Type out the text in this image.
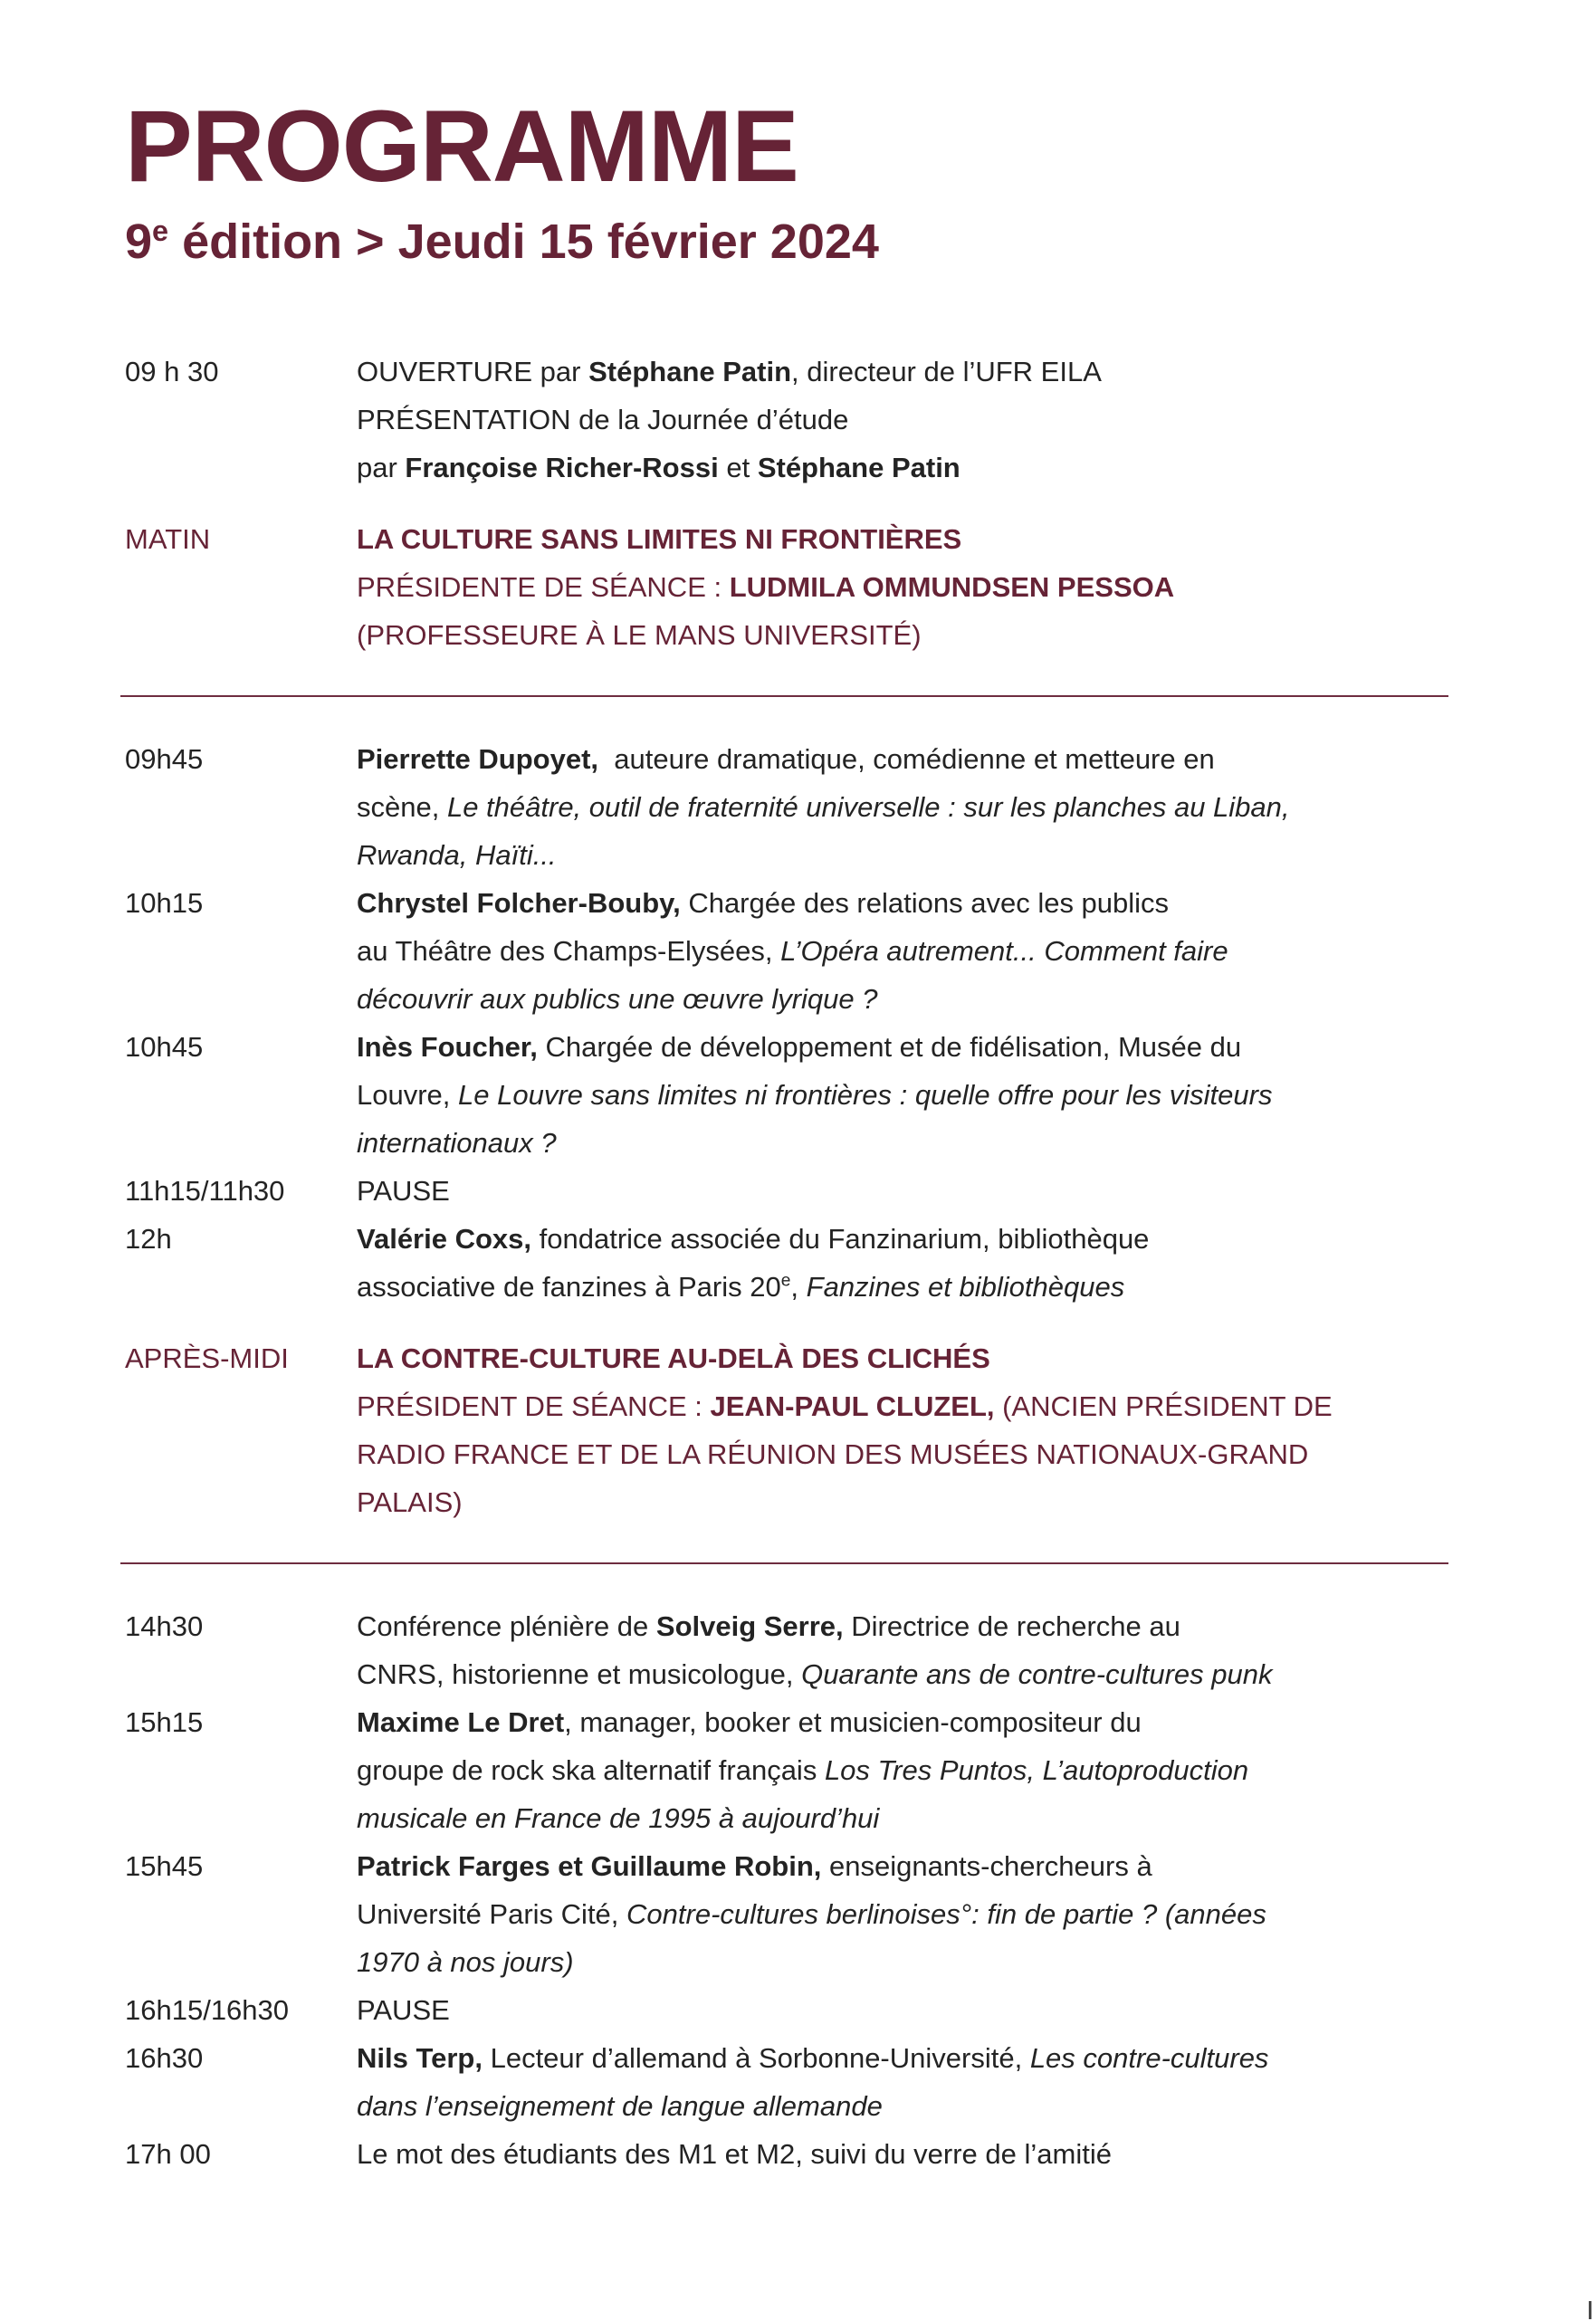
PROGRAMME
9e édition > Jeudi 15 février 2024
09 h 30	OUVERTURE par Stéphane Patin, directeur de l’UFR EILA
PRÉSENTATION de la Journée d’étude
par Françoise Richer-Rossi et Stéphane Patin
MATIN	LA CULTURE SANS LIMITES NI FRONTIÈRES
PRÉSIDENTE DE SÉANCE : LUDMILA OMMUNDSEN PESSOA
(PROFESSEURE À LE MANS UNIVERSITÉ)
09h45	Pierrette Dupoyet,  auteure dramatique, comédienne et metteure en
scène, Le théâtre, outil de fraternité universelle : sur les planches au Liban,
Rwanda, Haïti...
10h15	Chrystel Folcher-Bouby, Chargée des relations avec les publics
au Théâtre des Champs-Elysées, L’Opéra autrement... Comment faire
découvrir aux publics une œuvre lyrique ?
10h45	Inès Foucher, Chargée de développement et de fidélisation, Musée du
Louvre, Le Louvre sans limites ni frontières : quelle offre pour les visiteurs
internationaux ?
11h15/11h30	PAUSE
12h	Valérie Coxs, fondatrice associée du Fanzinarium, bibliothèque
associative de fanzines à Paris 20e, Fanzines et bibliothèques
APRÈS-MIDI	LA CONTRE-CULTURE AU-DELÀ DES CLICHÉS
PRÉSIDENT DE SÉANCE : JEAN-PAUL CLUZEL, (ANCIEN PRÉSIDENT DE
RADIO FRANCE ET DE LA RÉUNION DES MUSÉES NATIONAUX-GRAND
PALAIS)
14h30	Conférence plénière de Solveig Serre, Directrice de recherche au
CNRS, historienne et musicologue, Quarante ans de contre-cultures punk
15h15	Maxime Le Dret, manager, booker et musicien-compositeur du
groupe de rock ska alternatif français Los Tres Puntos, L’autoproduction
musicale en France de 1995 à aujourd’hui
15h45	Patrick Farges et Guillaume Robin, enseignants-chercheurs à
Université Paris Cité, Contre-cultures berlinoises°: fin de partie ? (années
1970 à nos jours)
16h15/16h30	PAUSE
16h30	Nils Terp, Lecteur d’allemand à Sorbonne-Université, Les contre-cultures
dans l’enseignement de langue allemande
17h 00	Le mot des étudiants des M1 et M2, suivi du verre de l’amitié
